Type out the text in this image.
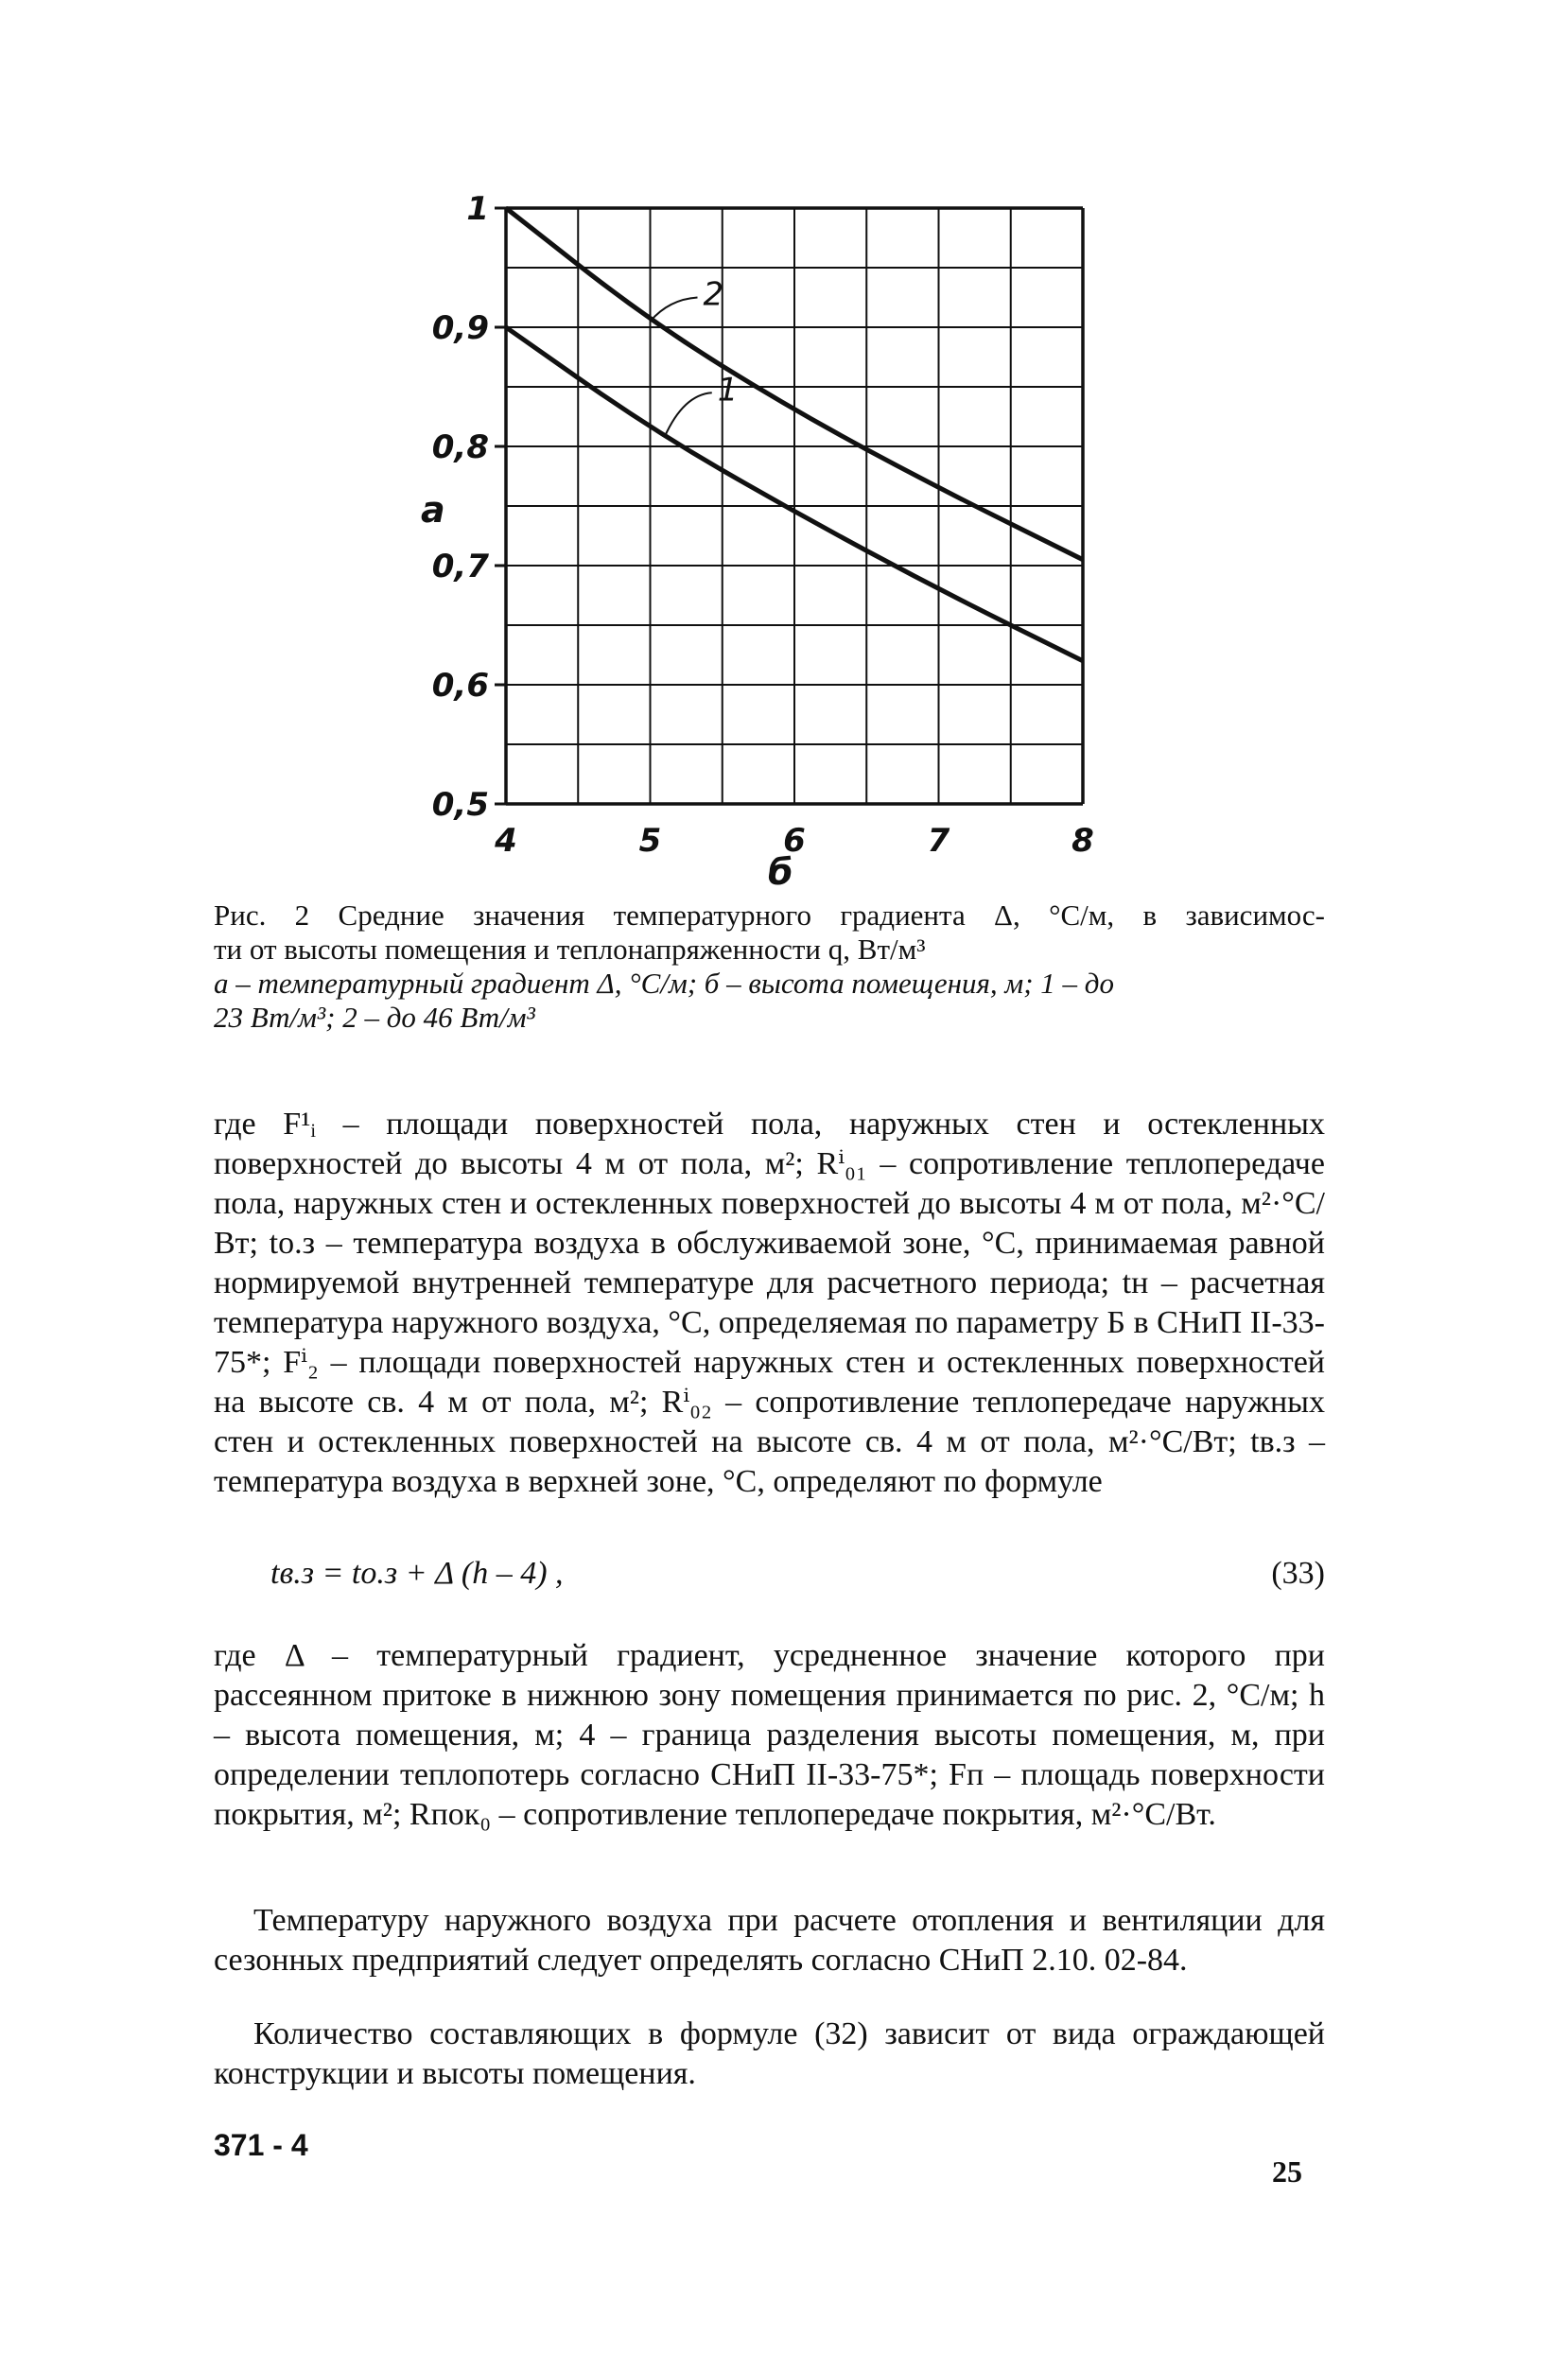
1
2
1
0,9
0,8
0,7
0,6
0,5
4	5	6	7	8
а
б
Рис. 2 Средние значения температурного градиента Δ, °С/м, в зависимос-
ти от высоты помещения и теплонапряженности q, Вт/м³
а – температурный градиент Δ, °С/м; б – высота помещения, м; 1 – до
23 Вт/м³; 2 – до 46 Вт/м³

где F¹ᵢ – площади поверхностей пола, наружных стен и остекленных поверхностей до высоты 4 м от пола, м²; Rⁱ₀₁ – сопротивление теплопередаче пола, наружных стен и остекленных поверхностей до высоты 4 м от пола, м²·°С/Вт; tо.з – температура воздуха в обслуживаемой зоне, °С, принимаемая равной нормируемой внутренней температуре для расчетного периода; tн – расчетная температура наружного воздуха, °С, определяемая по параметру Б в СНиП II-33-75*; Fⁱ₂ – площади поверхностей наружных стен и остекленных поверхностей на высоте св. 4 м от пола, м²; Rⁱ₀₂ – сопротивление теплопередаче наружных стен и остекленных поверхностей на высоте св. 4 м от пола, м²·°С/Вт; tв.з – температура воздуха в верхней зоне, °С, определяют по формуле

tв.з = tо.з + Δ (h – 4) ,	(33)

где Δ – температурный градиент, усредненное значение которого при рассеянном притоке в нижнюю зону помещения принимается по рис. 2, °С/м; h – высота помещения, м; 4 – граница разделения высоты помещения, м, при определении теплопотерь согласно СНиП II-33-75*; Fп – площадь поверхности покрытия, м²; Rпок₀ – сопротивление теплопередаче покрытия, м²·°С/Вт.

Температуру наружного воздуха при расчете отопления и вентиляции для сезонных предприятий следует определять согласно СНиП 2.10. 02-84.

Количество составляющих в формуле (32) зависит от вида ограждающей конструкции и высоты помещения.

371 - 4
25
